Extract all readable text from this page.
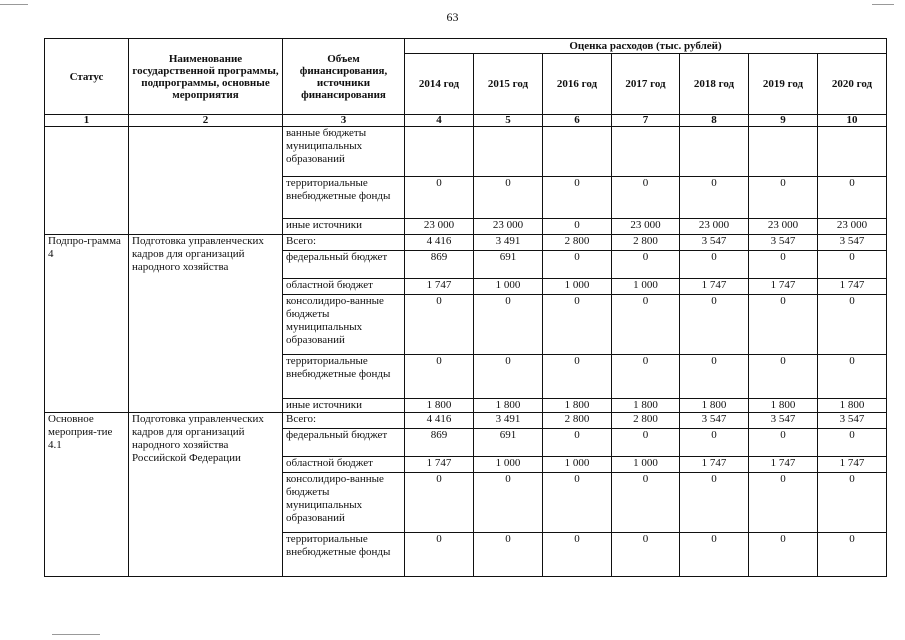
63
Статус	Наименование государственной программы, подпрограммы, основные мероприятия	Объем финансирования, источники финансирования	Оценка расходов (тыс. рублей)						
			2014 год	2015 год	2016 год	2017 год	2018 год	2019 год	2020 год
1	2	3	4	5	6	7	8	9	10
		ванные бюджеты муниципальных образований							
		территориальные внебюджетные фонды	0	0	0	0	0	0	0
		иные источники	23 000	23 000	0	23 000	23 000	23 000	23 000
Подпро-грамма 4	Подготовка управленческих кадров для организаций народного хозяйства	Всего:	4 416	3 491	2 800	2 800	3 547	3 547	3 547
		федеральный бюджет	869	691	0	0	0	0	0
		областной бюджет	1 747	1 000	1 000	1 000	1 747	1 747	1 747
		консолидиро-ванные бюджеты муниципальных образований	0	0	0	0	0	0	0
		территориальные внебюджетные фонды	0	0	0	0	0	0	0
		иные источники	1 800	1 800	1 800	1 800	1 800	1 800	1 800
Основное мероприя-тие 4.1	Подготовка управленческих кадров для организаций народного хозяйства Российской Федерации	Всего:	4 416	3 491	2 800	2 800	3 547	3 547	3 547
		федеральный бюджет	869	691	0	0	0	0	0
		областной бюджет	1 747	1 000	1 000	1 000	1 747	1 747	1 747
		консолидиро-ванные бюджеты муниципальных образований	0	0	0	0	0	0	0
		территориальные внебюджетные фонды	0	0	0	0	0	0	0
